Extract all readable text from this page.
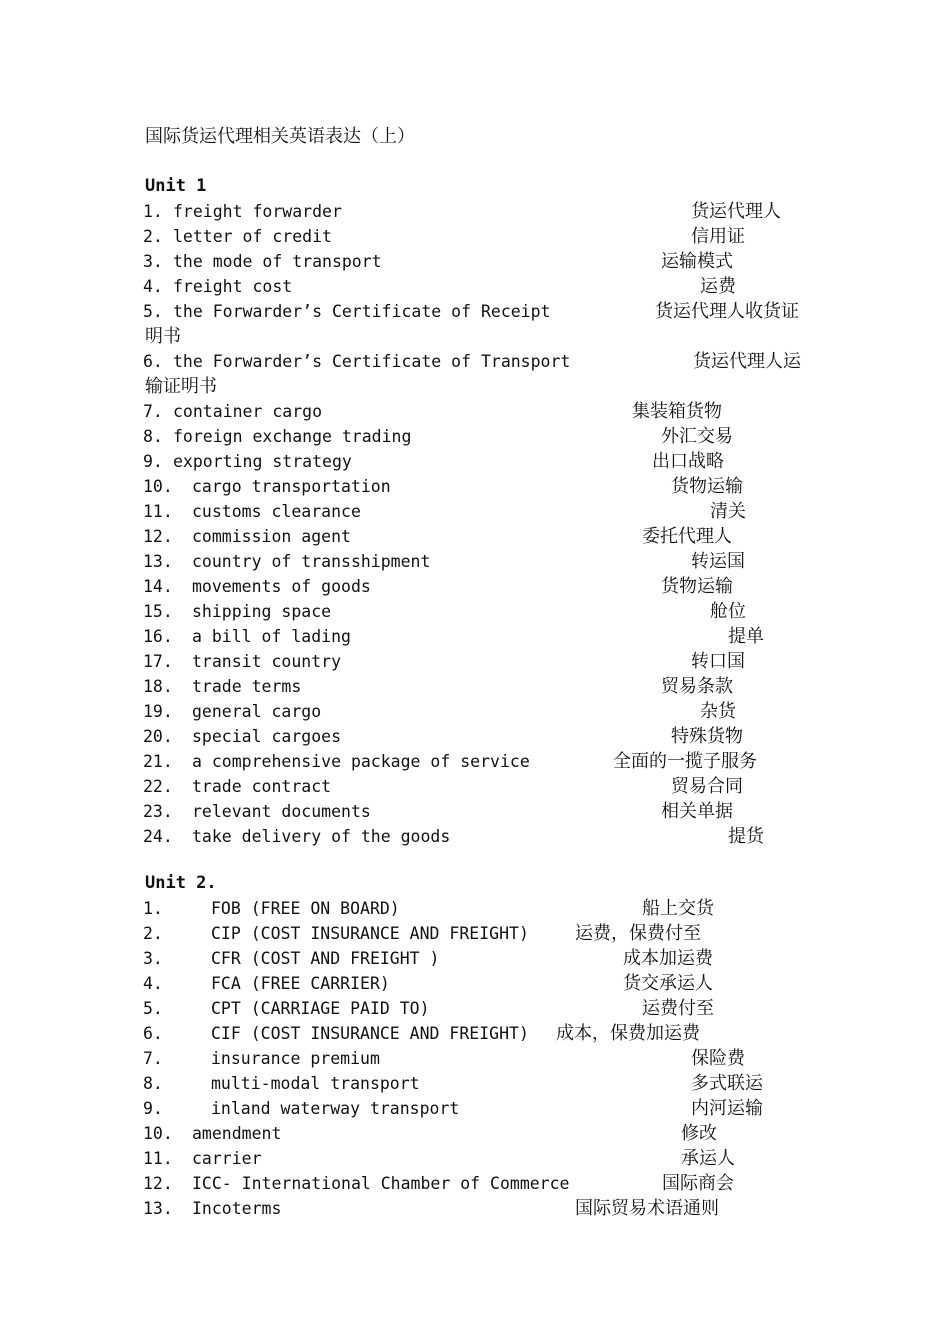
国际货运代理相关英语表达（上）
Unit 1
1. freight forwarder	货运代理人
2. letter of credit	信用证
3. the mode of transport	运输模式
4. freight cost	运费
5. the Forwarder’s Certificate of Receipt	货运代理人收货证
明书
6. the Forwarder’s Certificate of Transport	货运代理人运
输证明书
7. container cargo	集装箱货物
8. foreign exchange trading	外汇交易
9. exporting strategy	出口战略
10. cargo transportation	货物运输
11. customs clearance	清关
12. commission agent	委托代理人
13. country of transshipment	转运国
14. movements of goods	货物运输
15. shipping space	舱位
16. a bill of lading	提单
17. transit country	转口国
18. trade terms	贸易条款
19. general cargo	杂货
20. special cargoes	特殊货物
21. a comprehensive package of service	全面的一揽子服务
22. trade contract	贸易合同
23. relevant documents	相关单据
24. take delivery of the goods	提货
Unit 2.
1.	FOB (FREE ON BOARD)	船上交货
2.	CIP (COST INSURANCE AND FREIGHT)	运费，保费付至
3.	CFR (COST AND FREIGHT )	成本加运费
4.	FCA (FREE CARRIER)	货交承运人
5.	CPT (CARRIAGE PAID TO)	运费付至
6.	CIF (COST INSURANCE AND FREIGHT) 成本，保费加运费
7.	insurance premium	保险费
8.	multi-modal transport	多式联运
9.	inland waterway transport	内河运输
10. amendment	修改
11. carrier	承运人
12. ICC- International Chamber of Commerce	国际商会
13. Incoterms	国际贸易术语通则
